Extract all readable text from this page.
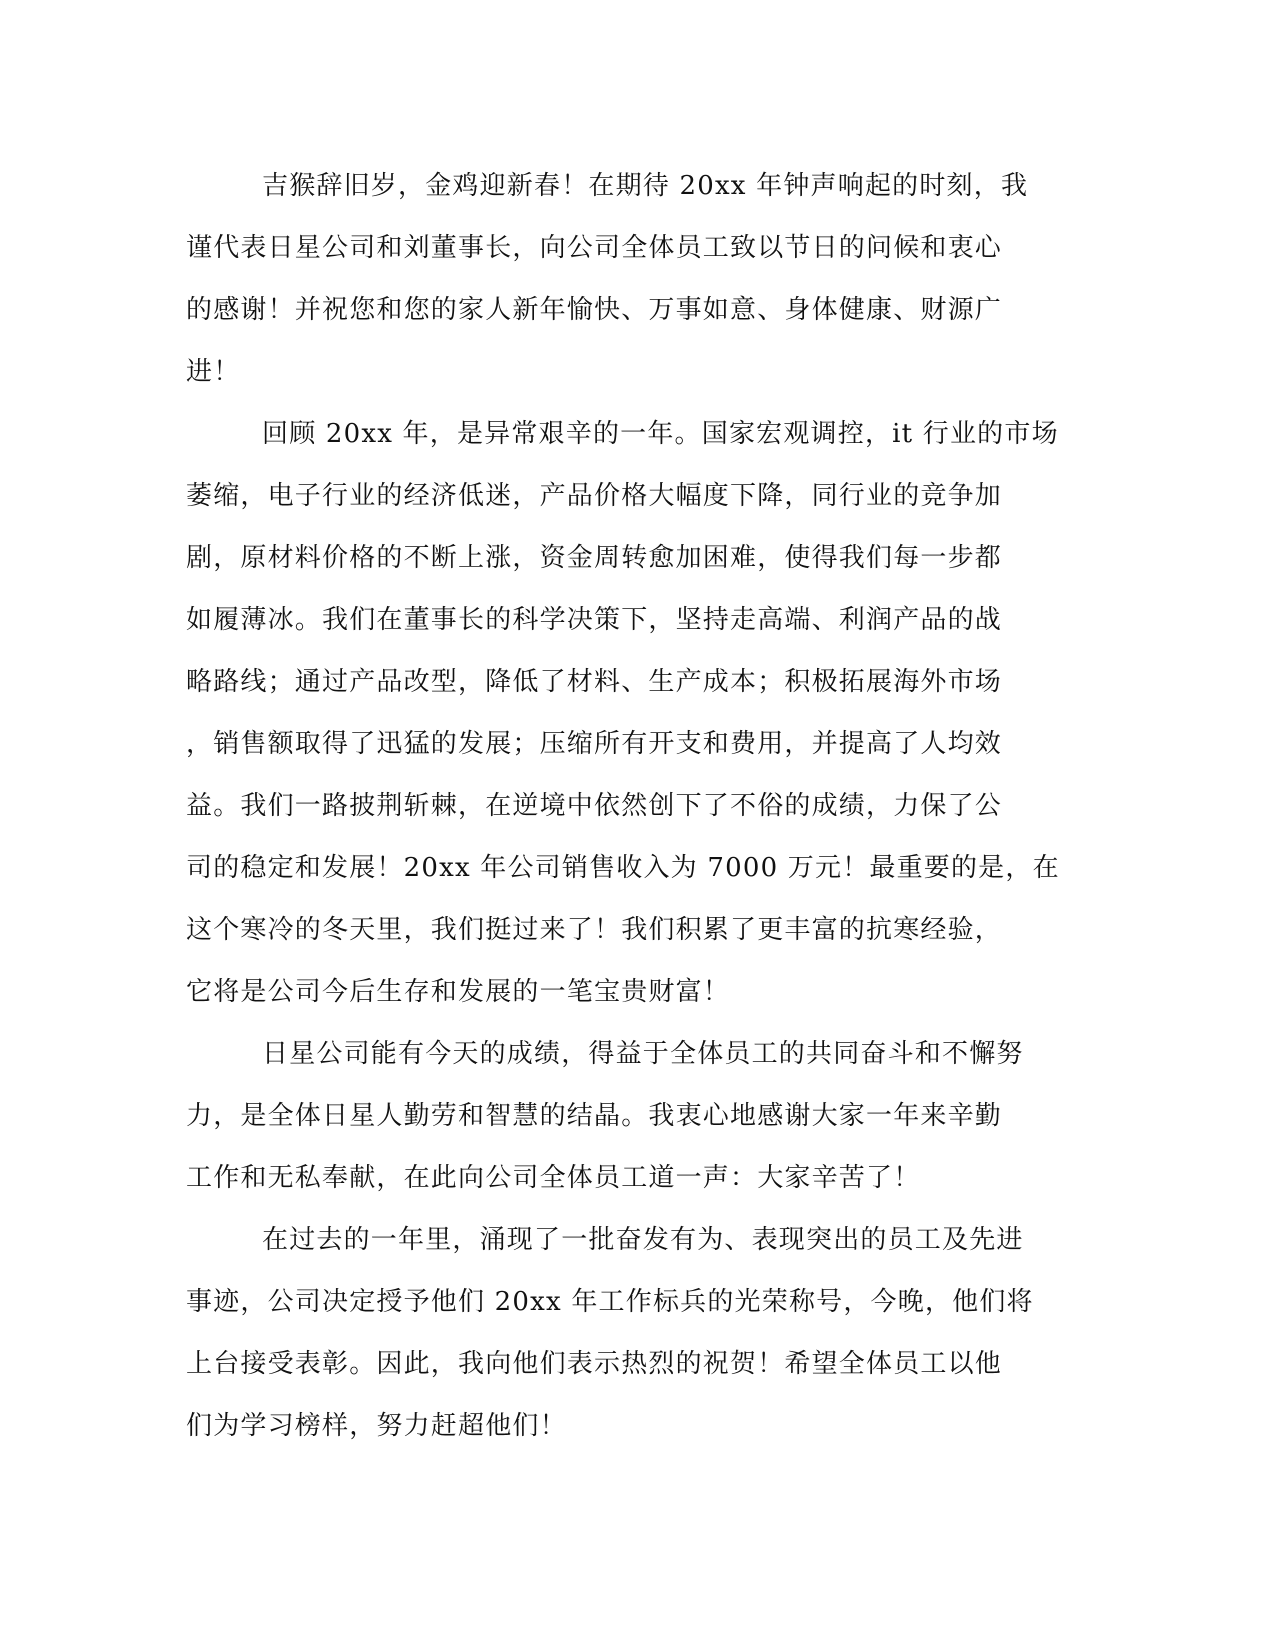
吉猴辞旧岁，金鸡迎新春！在期待 20xx 年钟声响起的时刻，我
谨代表日星公司和刘董事长，向公司全体员工致以节日的问候和衷心
的感谢！并祝您和您的家人新年愉快、万事如意、身体健康、财源广
进！
回顾 20xx 年，是异常艰辛的一年。国家宏观调控，it 行业的市场
萎缩，电子行业的经济低迷，产品价格大幅度下降，同行业的竞争加
剧，原材料价格的不断上涨，资金周转愈加困难，使得我们每一步都
如履薄冰。我们在董事长的科学决策下，坚持走高端、利润产品的战
略路线；通过产品改型，降低了材料、生产成本；积极拓展海外市场
，销售额取得了迅猛的发展；压缩所有开支和费用，并提高了人均效
益。我们一路披荆斩棘，在逆境中依然创下了不俗的成绩，力保了公
司的稳定和发展！20xx 年公司销售收入为 7000 万元！最重要的是，在
这个寒冷的冬天里，我们挺过来了！我们积累了更丰富的抗寒经验，
它将是公司今后生存和发展的一笔宝贵财富！
日星公司能有今天的成绩，得益于全体员工的共同奋斗和不懈努
力，是全体日星人勤劳和智慧的结晶。我衷心地感谢大家一年来辛勤
工作和无私奉献，在此向公司全体员工道一声：大家辛苦了！
在过去的一年里，涌现了一批奋发有为、表现突出的员工及先进
事迹，公司决定授予他们 20xx 年工作标兵的光荣称号，今晚，他们将
上台接受表彰。因此，我向他们表示热烈的祝贺！希望全体员工以他
们为学习榜样，努力赶超他们！
